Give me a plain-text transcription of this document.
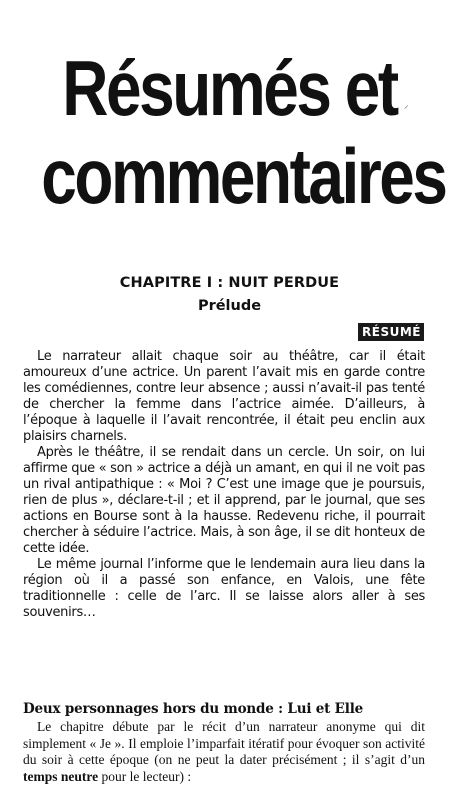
Résumés et
commentaires
⸝
CHAPITRE I : NUIT PERDUE
Prélude
RÉSUMÉ

Le narrateur allait chaque soir au théâtre, car il était amoureux d’une actrice. Un parent l’avait mis en garde contre les comédiennes, contre leur absence ; aussi n’avait-il pas tenté de chercher la femme dans l’actrice aimée. D’ailleurs, à l’époque à laquelle il l’avait rencontrée, il était peu enclin aux plaisirs charnels.

Après le théâtre, il se rendait dans un cercle. Un soir, on lui affirme que « son » actrice a déjà un amant, en qui il ne voit pas un rival antipathique : « Moi ? C’est une image que je poursuis, rien de plus », déclare-t-il ; et il apprend, par le journal, que ses actions en Bourse sont à la hausse. Redevenu riche, il pourrait chercher à séduire l’actrice. Mais, à son âge, il se dit honteux de cette idée.

Le même journal l’informe que le lendemain aura lieu dans la région où il a passé son enfance, en Valois, une fête traditionnelle : celle de l’arc. Il se laisse alors aller à ses souvenirs…

Deux personnages hors du monde : Lui et Elle

Le chapitre débute par le récit d’un narrateur anonyme qui dit simplement « Je ». Il emploie l’imparfait itératif pour évoquer son activité du soir à cette époque (on ne peut la dater précisément ; il s’agit d’un temps neutre pour le lecteur) :
